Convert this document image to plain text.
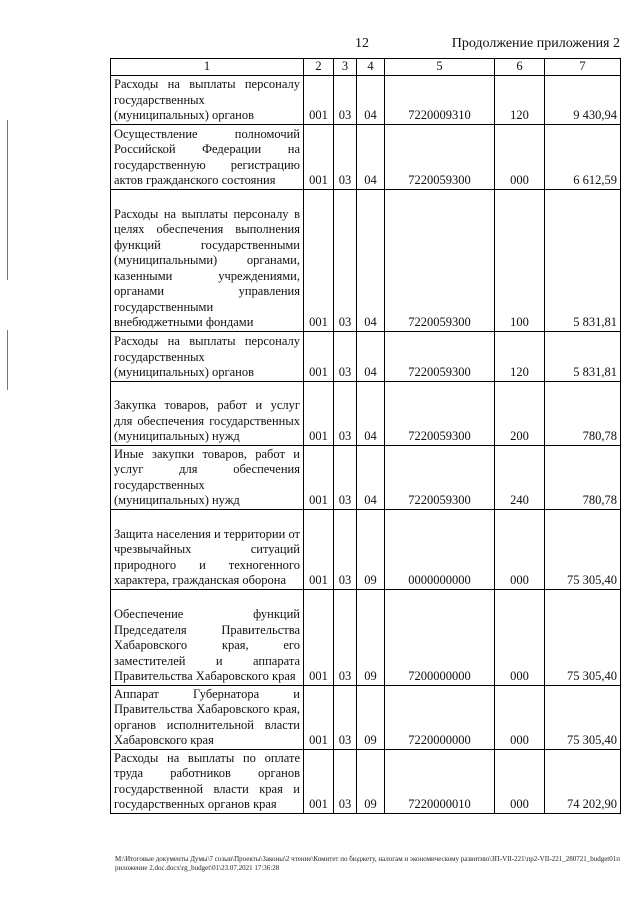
12	Продолжение приложения 2
1	2	3	4	5	6	7
Расходы на выплаты персоналу государственных (муниципальных) органов	001	03	04	7220009310	120	9 430,94
Осуществление полномочий Российской Федерации на государственную регистрацию актов гражданского состояния	001	03	04	7220059300	000	6 612,59
Расходы на выплаты персоналу в целях обеспечения выполнения функций государственными (муниципальными) органами, казенными учреждениями, органами управления государственными внебюджетными фондами	001	03	04	7220059300	100	5 831,81
Расходы на выплаты персоналу государственных (муниципальных) органов	001	03	04	7220059300	120	5 831,81
Закупка товаров, работ и услуг для обеспечения государственных (муниципальных) нужд	001	03	04	7220059300	200	780,78
Иные закупки товаров, работ и услуг для обеспечения государственных (муниципальных) нужд	001	03	04	7220059300	240	780,78
Защита населения и территории от чрезвычайных ситуаций природного и техногенного характера, гражданская оборона	001	03	09	0000000000	000	75 305,40
Обеспечение функций Председателя Правительства Хабаровского края, его заместителей и аппарата Правительства Хабаровского края	001	03	09	7200000000	000	75 305,40
Аппарат Губернатора и Правительства Хабаровского края, органов исполнительной власти Хабаровского края	001	03	09	7220000000	000	75 305,40
Расходы на выплаты по оплате труда работников органов государственной власти края и государственных органов края	001	03	09	7220000010	000	74 202,90
M:\Итоговые документы Думы\7 созыв\Проекты\Законы\2 чтение\Комитет по бюджету, налогам и экономическому развитию\ЗП-VII-221\пр2-VII-221_280721_budget01приложение 2.doc.docx\rg_budget\01\23.07.2021 17:36:28
